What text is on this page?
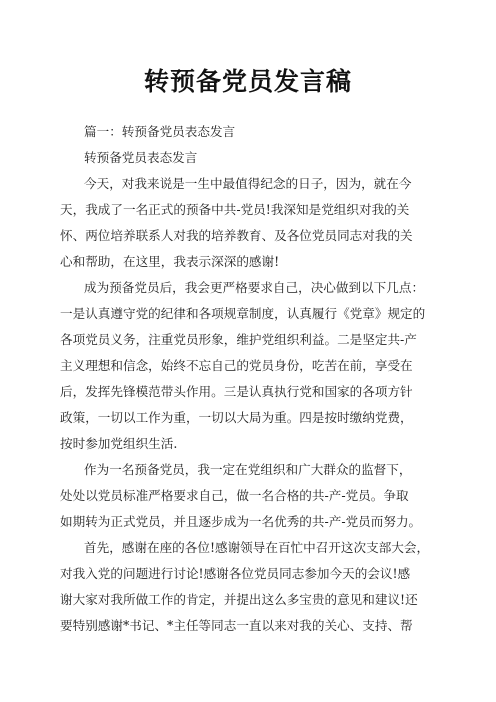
转预备党员发言稿
篇一：转预备党员表态发言
转预备党员表态发言
今天，对我来说是一生中最值得纪念的日子，因为，就在今
天，我成了一名正式的预备中共-党员!我深知是党组织对我的关
怀、两位培养联系人对我的培养教育、及各位党员同志对我的关
心和帮助，在这里，我表示深深的感谢!
成为预备党员后，我会更严格要求自己，决心做到以下几点：
一是认真遵守党的纪律和各项规章制度，认真履行《党章》规定的
各项党员义务，注重党员形象，维护党组织利益。二是坚定共-产
主义理想和信念，始终不忘自己的党员身份，吃苦在前，享受在
后，发挥先锋模范带头作用。三是认真执行党和国家的各项方针
政策，一切以工作为重，一切以大局为重。四是按时缴纳党费，
按时参加党组织生活.
作为一名预备党员，我一定在党组织和广大群众的监督下，
处处以党员标准严格要求自己，做一名合格的共-产-党员。争取
如期转为正式党员，并且逐步成为一名优秀的共-产-党员而努力。
首先，感谢在座的各位!感谢领导在百忙中召开这次支部大会，
对我入党的问题进行讨论!感谢各位党员同志参加今天的会议!感
谢大家对我所做工作的肯定，并提出这么多宝贵的意见和建议!还
要特别感谢*书记、*主任等同志一直以来对我的关心、支持、帮
